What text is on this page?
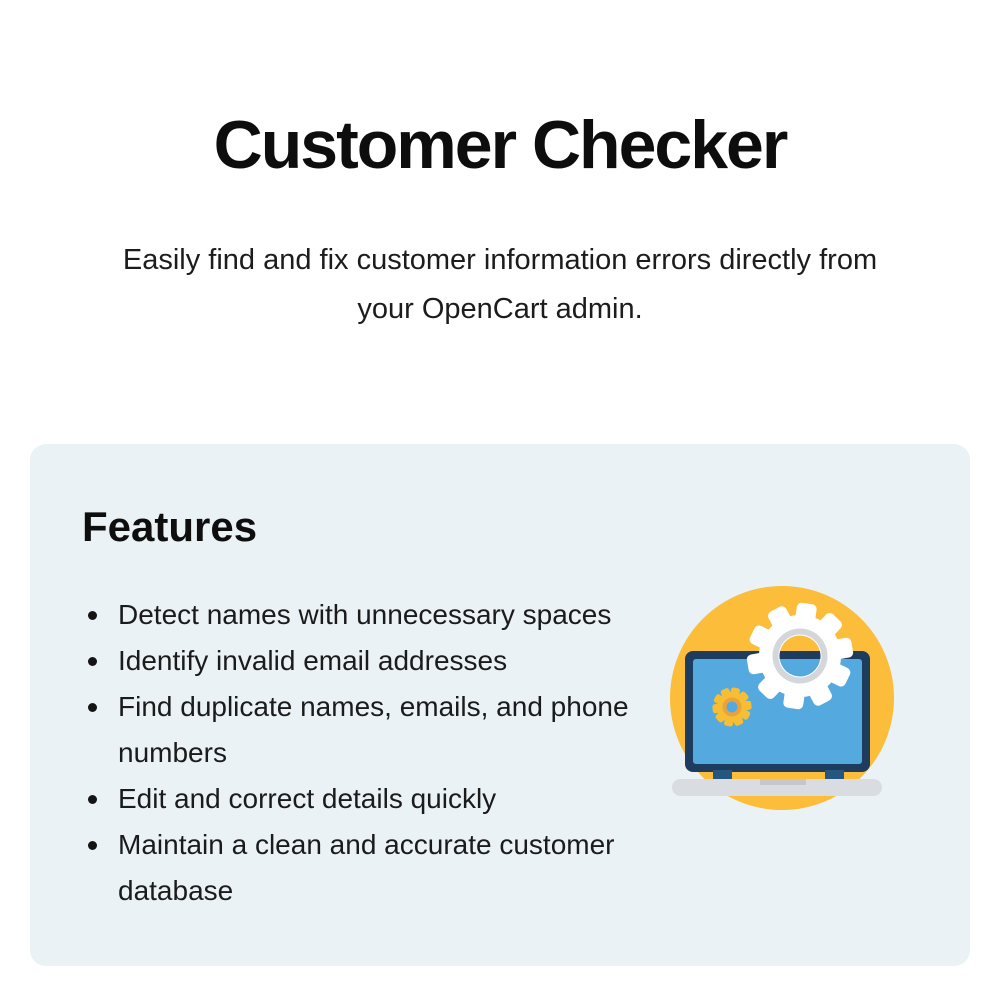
Customer Checker

Easily find and fix customer information errors directly from your OpenCart admin.

Features
Detect names with unnecessary spaces
Identify invalid email addresses
Find duplicate names, emails, and phone numbers
Edit and correct details quickly
Maintain a clean and accurate customer database
